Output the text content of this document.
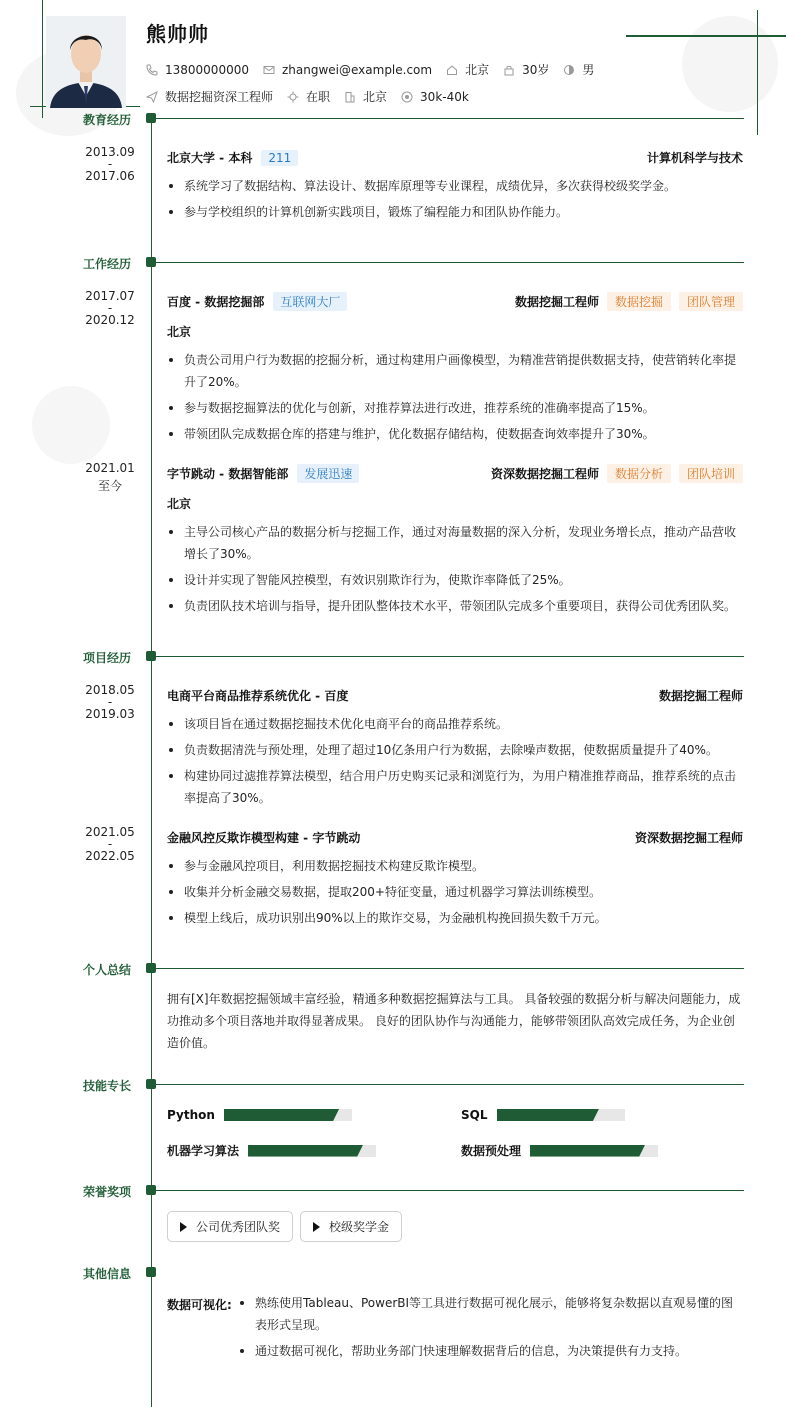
熊帅帅
13800000000	zhangwei@example.com	北京	30岁	男
数据挖掘资深工程师	在职	北京	30k-40k
教育经历
2013.09
-
2017.06
北京大学 - 本科	211	计算机科学与技术
系统学习了数据结构、算法设计、数据库原理等专业课程，成绩优异，多次获得校级奖学金。
参与学校组织的计算机创新实践项目，锻炼了编程能力和团队协作能力。
工作经历
2017.07
-
2020.12
百度 - 数据挖掘部	互联网大厂	数据挖掘工程师	数据挖掘	团队管理
北京
负责公司用户行为数据的挖掘分析，通过构建用户画像模型，为精准营销提供数据支持，使营销转化率提升了20%。
参与数据挖掘算法的优化与创新，对推荐算法进行改进，推荐系统的准确率提高了15%。
带领团队完成数据仓库的搭建与维护，优化数据存储结构，使数据查询效率提升了30%。
2021.01
至今
字节跳动 - 数据智能部	发展迅速	资深数据挖掘工程师	数据分析	团队培训
北京
主导公司核心产品的数据分析与挖掘工作，通过对海量数据的深入分析，发现业务增长点，推动产品营收增长了30%。
设计并实现了智能风控模型，有效识别欺诈行为，使欺诈率降低了25%。
负责团队技术培训与指导，提升团队整体技术水平，带领团队完成多个重要项目，获得公司优秀团队奖。
项目经历
2018.05
-
2019.03
电商平台商品推荐系统优化 - 百度	数据挖掘工程师
该项目旨在通过数据挖掘技术优化电商平台的商品推荐系统。
负责数据清洗与预处理，处理了超过10亿条用户行为数据，去除噪声数据，使数据质量提升了40%。
构建协同过滤推荐算法模型，结合用户历史购买记录和浏览行为，为用户精准推荐商品，推荐系统的点击率提高了30%。
2021.05
-
2022.05
金融风控反欺诈模型构建 - 字节跳动	资深数据挖掘工程师
参与金融风控项目，利用数据挖掘技术构建反欺诈模型。
收集并分析金融交易数据，提取200+特征变量，通过机器学习算法训练模型。
模型上线后，成功识别出90%以上的欺诈交易，为金融机构挽回损失数千万元。
个人总结
拥有[X]年数据挖掘领域丰富经验，精通多种数据挖掘算法与工具。 具备较强的数据分析与解决问题能力，成功推动多个项目落地并取得显著成果。 良好的团队协作与沟通能力，能够带领团队高效完成任务，为企业创造价值。
技能专长
Python	SQL
机器学习算法	数据预处理
荣誉奖项
公司优秀团队奖	校级奖学金
其他信息
数据可视化:	熟练使用Tableau、PowerBI等工具进行数据可视化展示，能够将复杂数据以直观易懂的图表形式呈现。
通过数据可视化，帮助业务部门快速理解数据背后的信息，为决策提供有力支持。
